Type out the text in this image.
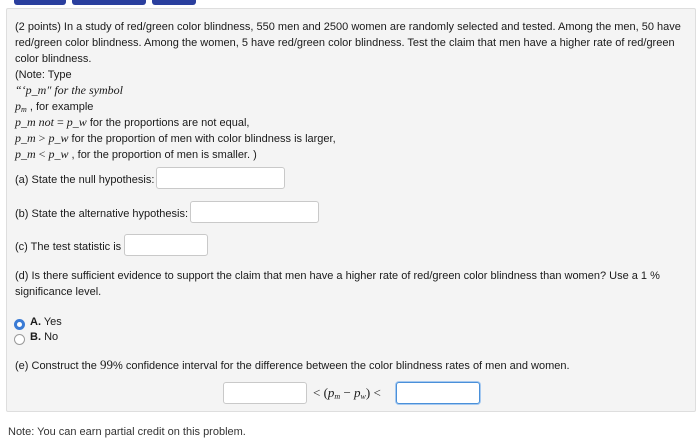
(2 points) In a study of red/green color blindness, 550 men and 2500 women are randomly selected and tested. Among the men, 50 have

red/green color blindness. Among the women, 5 have red/green color blindness. Test the claim that men have a higher rate of red/green

color blindness.

(Note: Type

“‘p_m″ for the symbol

$p_m$ , for example

p_m not = p_w for the proportions are not equal,

p_m > p_w for the proportion of men with color blindness is larger,

p_m < p_w , for the proportion of men is smaller. )

(a) State the null hypothesis:

(b) State the alternative hypothesis:

(c) The test statistic is

(d) Is there sufficient evidence to support the claim that men have a higher rate of red/green color blindness than women? Use a 1 %

significance level.

A. Yes
B. No

(e) Construct the 99% confidence interval for the difference between the color blindness rates of men and women.

< $(p_m - p_w)$ <
Note: You can earn partial credit on this problem.
